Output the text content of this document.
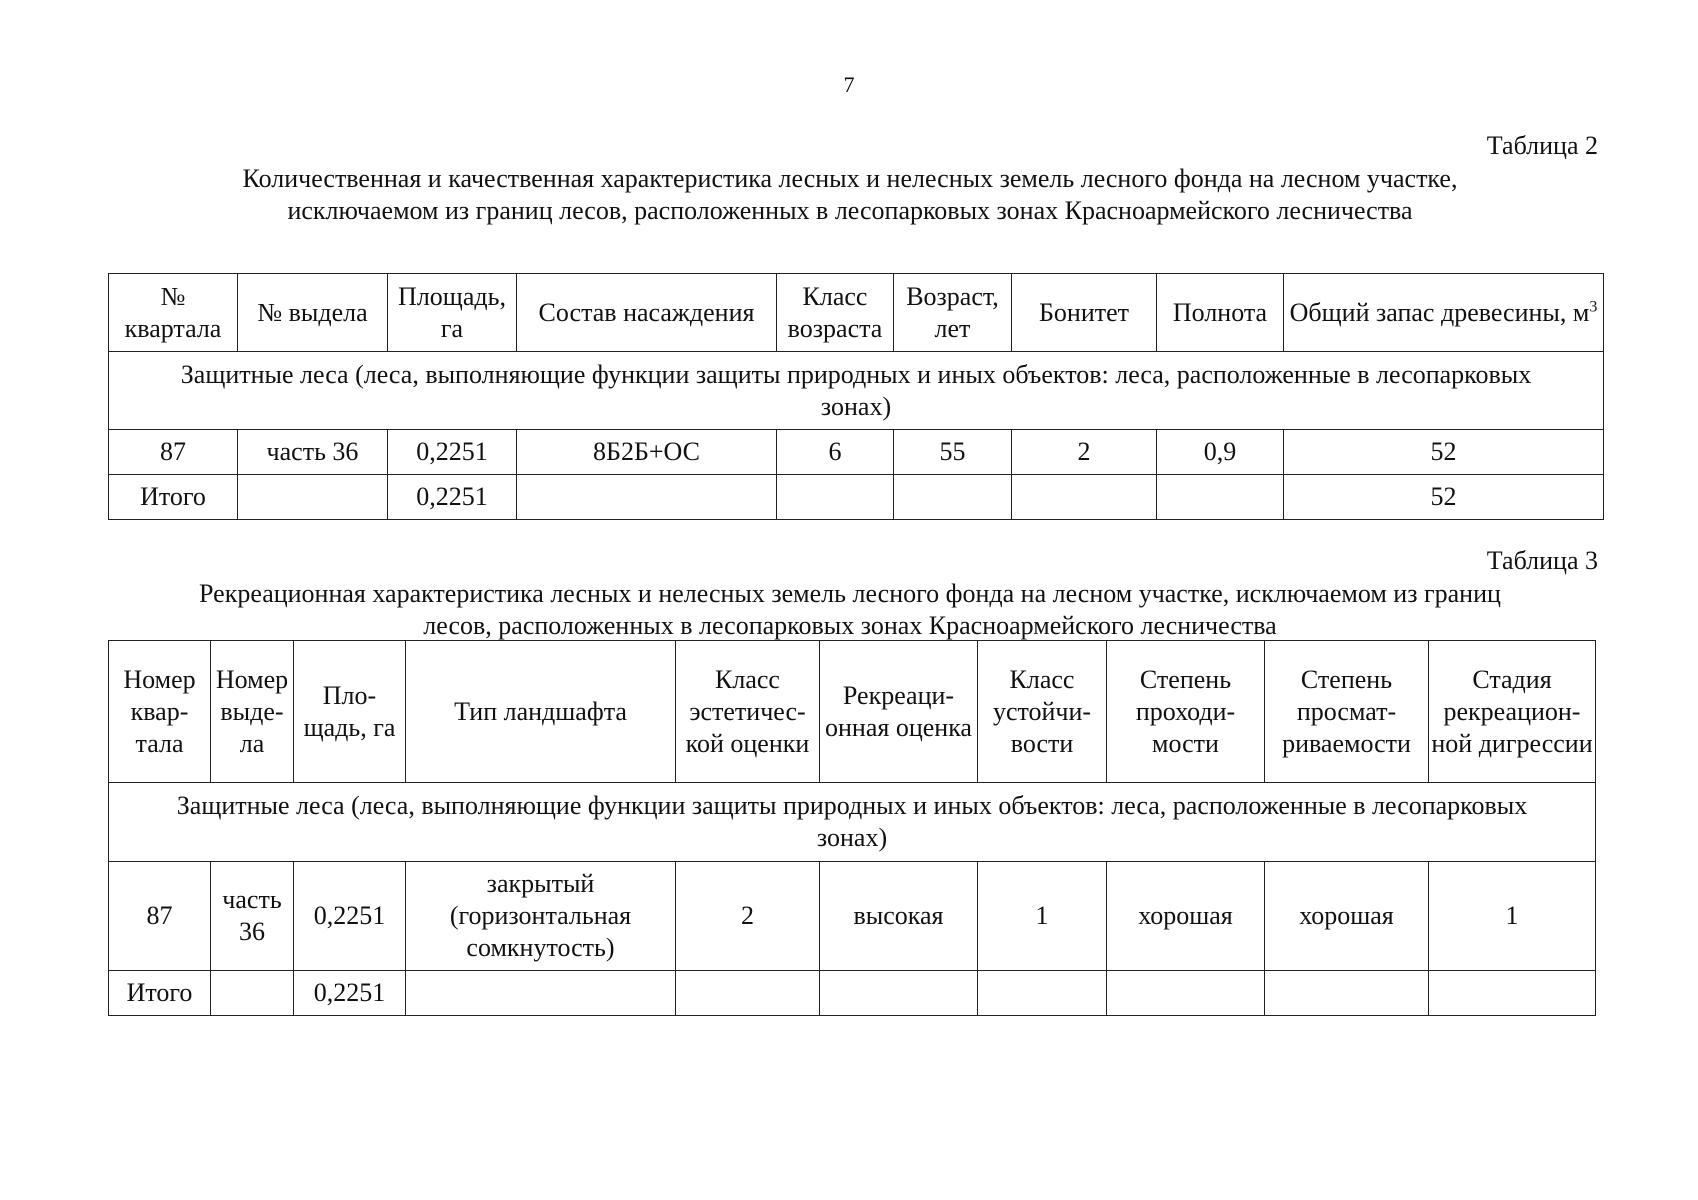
7
Таблица 2
Количественная и качественная характеристика лесных и нелесных земель лесного фонда на лесном участке,
исключаемом из границ лесов, расположенных в лесопарковых зонах Красноармейского лесничества
№ квартала	№ выдела	Площадь, га	Состав насаждения	Класс возраста	Возраст, лет	Бонитет	Полнота	Общий запас древесины, $м^3$
Защитные леса (леса, выполняющие функции защиты природных и иных объектов: леса, расположенные в лесопарковых зонах)								
87	часть 36	0,2251	8Б2Б+ОС	6	55	2	0,9	52
Итого		0,2251						52
Таблица 3
Рекреационная характеристика лесных и нелесных земель лесного фонда на лесном участке, исключаемом из границ
лесов, расположенных в лесопарковых зонах Красноармейского лесничества
Номер квар-тала	Номер выде-ла	Пло-щадь, га	Тип ландшафта	Класс эстетичес-кой оценки	Рекреаци-онная оценка	Класс устойчи-вости	Степень проходи-мости	Степень просмат-риваемости	Стадия рекреацион-ной дигрессии
Защитные леса (леса, выполняющие функции защиты природных и иных объектов: леса, расположенные в лесопарковых зонах)									
87	часть 36	0,2251	закрытый (горизонтальная сомкнутость)	2	высокая	1	хорошая	хорошая	1
Итого		0,2251							
